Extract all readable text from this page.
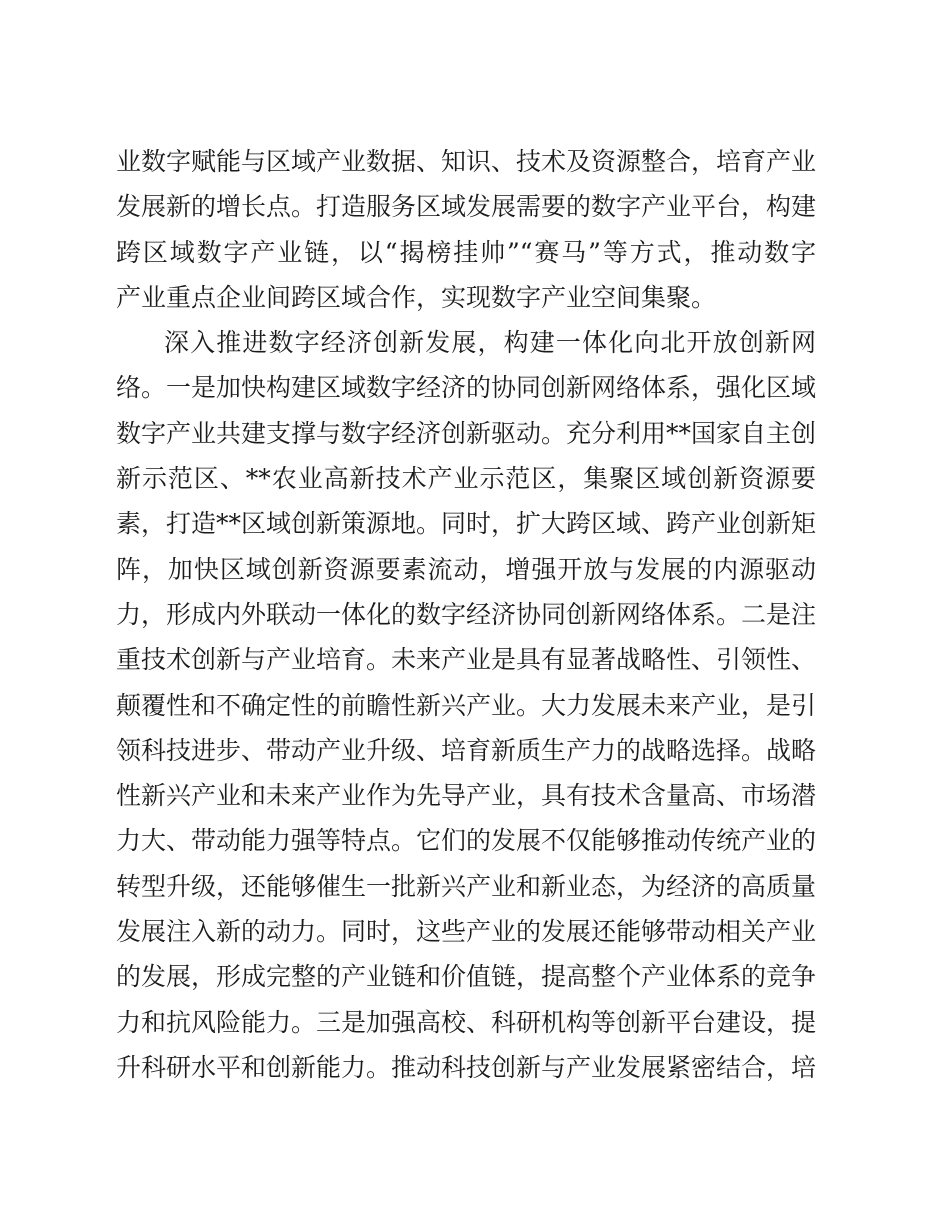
业数字赋能与区域产业数据、知识、技术及资源整合，培育产业
发展新的增长点。打造服务区域发展需要的数字产业平台，构建
跨区域数字产业链，以“揭榜挂帅”“赛马”等方式，推动数字
产业重点企业间跨区域合作，实现数字产业空间集聚。
深入推进数字经济创新发展，构建一体化向北开放创新网
络。一是加快构建区域数字经济的协同创新网络体系，强化区域
数字产业共建支撑与数字经济创新驱动。充分利用**国家自主创
新示范区、**农业高新技术产业示范区，集聚区域创新资源要
素，打造**区域创新策源地。同时，扩大跨区域、跨产业创新矩
阵，加快区域创新资源要素流动，增强开放与发展的内源驱动
力，形成内外联动一体化的数字经济协同创新网络体系。二是注
重技术创新与产业培育。未来产业是具有显著战略性、引领性、
颠覆性和不确定性的前瞻性新兴产业。大力发展未来产业，是引
领科技进步、带动产业升级、培育新质生产力的战略选择。战略
性新兴产业和未来产业作为先导产业，具有技术含量高、市场潜
力大、带动能力强等特点。它们的发展不仅能够推动传统产业的
转型升级，还能够催生一批新兴产业和新业态，为经济的高质量
发展注入新的动力。同时，这些产业的发展还能够带动相关产业
的发展，形成完整的产业链和价值链，提高整个产业体系的竞争
力和抗风险能力。三是加强高校、科研机构等创新平台建设，提
升科研水平和创新能力。推动科技创新与产业发展紧密结合，培
